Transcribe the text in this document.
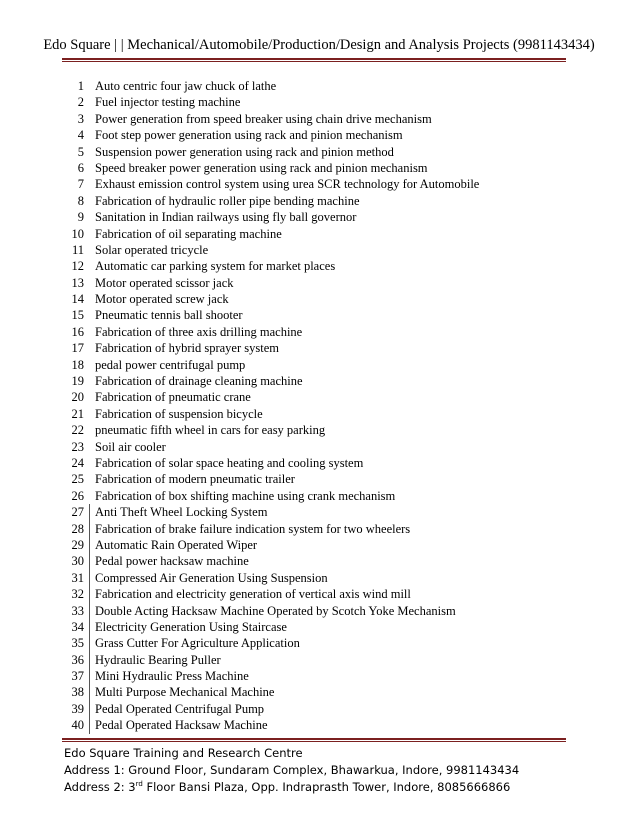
Edo Square | | Mechanical/Automobile/Production/Design and Analysis Projects (9981143434)
1 Auto centric four jaw chuck of lathe
2 Fuel injector testing machine
3 Power generation from speed breaker using chain drive mechanism
4 Foot step power generation using rack and pinion mechanism
5 Suspension power generation using rack and pinion method
6 Speed breaker power generation using rack and pinion mechanism
7 Exhaust emission control system using urea SCR technology for Automobile
8 Fabrication of hydraulic roller pipe bending machine
9 Sanitation in Indian railways using fly ball governor
10 Fabrication of oil separating machine
11 Solar operated tricycle
12 Automatic car parking system for market places
13 Motor operated scissor jack
14 Motor operated screw jack
15 Pneumatic tennis ball shooter
16 Fabrication of three axis drilling machine
17 Fabrication of hybrid sprayer system
18 pedal power centrifugal pump
19 Fabrication of drainage cleaning machine
20 Fabrication of pneumatic crane
21 Fabrication of suspension bicycle
22 pneumatic fifth wheel in cars for easy parking
23 Soil air cooler
24 Fabrication of solar space heating and cooling system
25 Fabrication of modern pneumatic trailer
26 Fabrication of box shifting machine using crank mechanism
27 Anti Theft Wheel Locking System
28 Fabrication of brake failure indication system for two wheelers
29 Automatic Rain Operated Wiper
30 Pedal power hacksaw machine
31 Compressed Air Generation Using Suspension
32 Fabrication and electricity generation of vertical axis wind mill
33 Double Acting Hacksaw Machine Operated by Scotch Yoke Mechanism
34 Electricity Generation Using Staircase
35 Grass Cutter For Agriculture Application
36 Hydraulic Bearing Puller
37 Mini Hydraulic Press Machine
38 Multi Purpose Mechanical Machine
39 Pedal Operated Centrifugal Pump
40 Pedal Operated Hacksaw Machine
Edo Square Training and Research Centre
Address 1: Ground Floor, Sundaram Complex, Bhawarkua, Indore, 9981143434
Address 2: 3rd Floor Bansi Plaza, Opp. Indraprasth Tower, Indore, 8085666866
